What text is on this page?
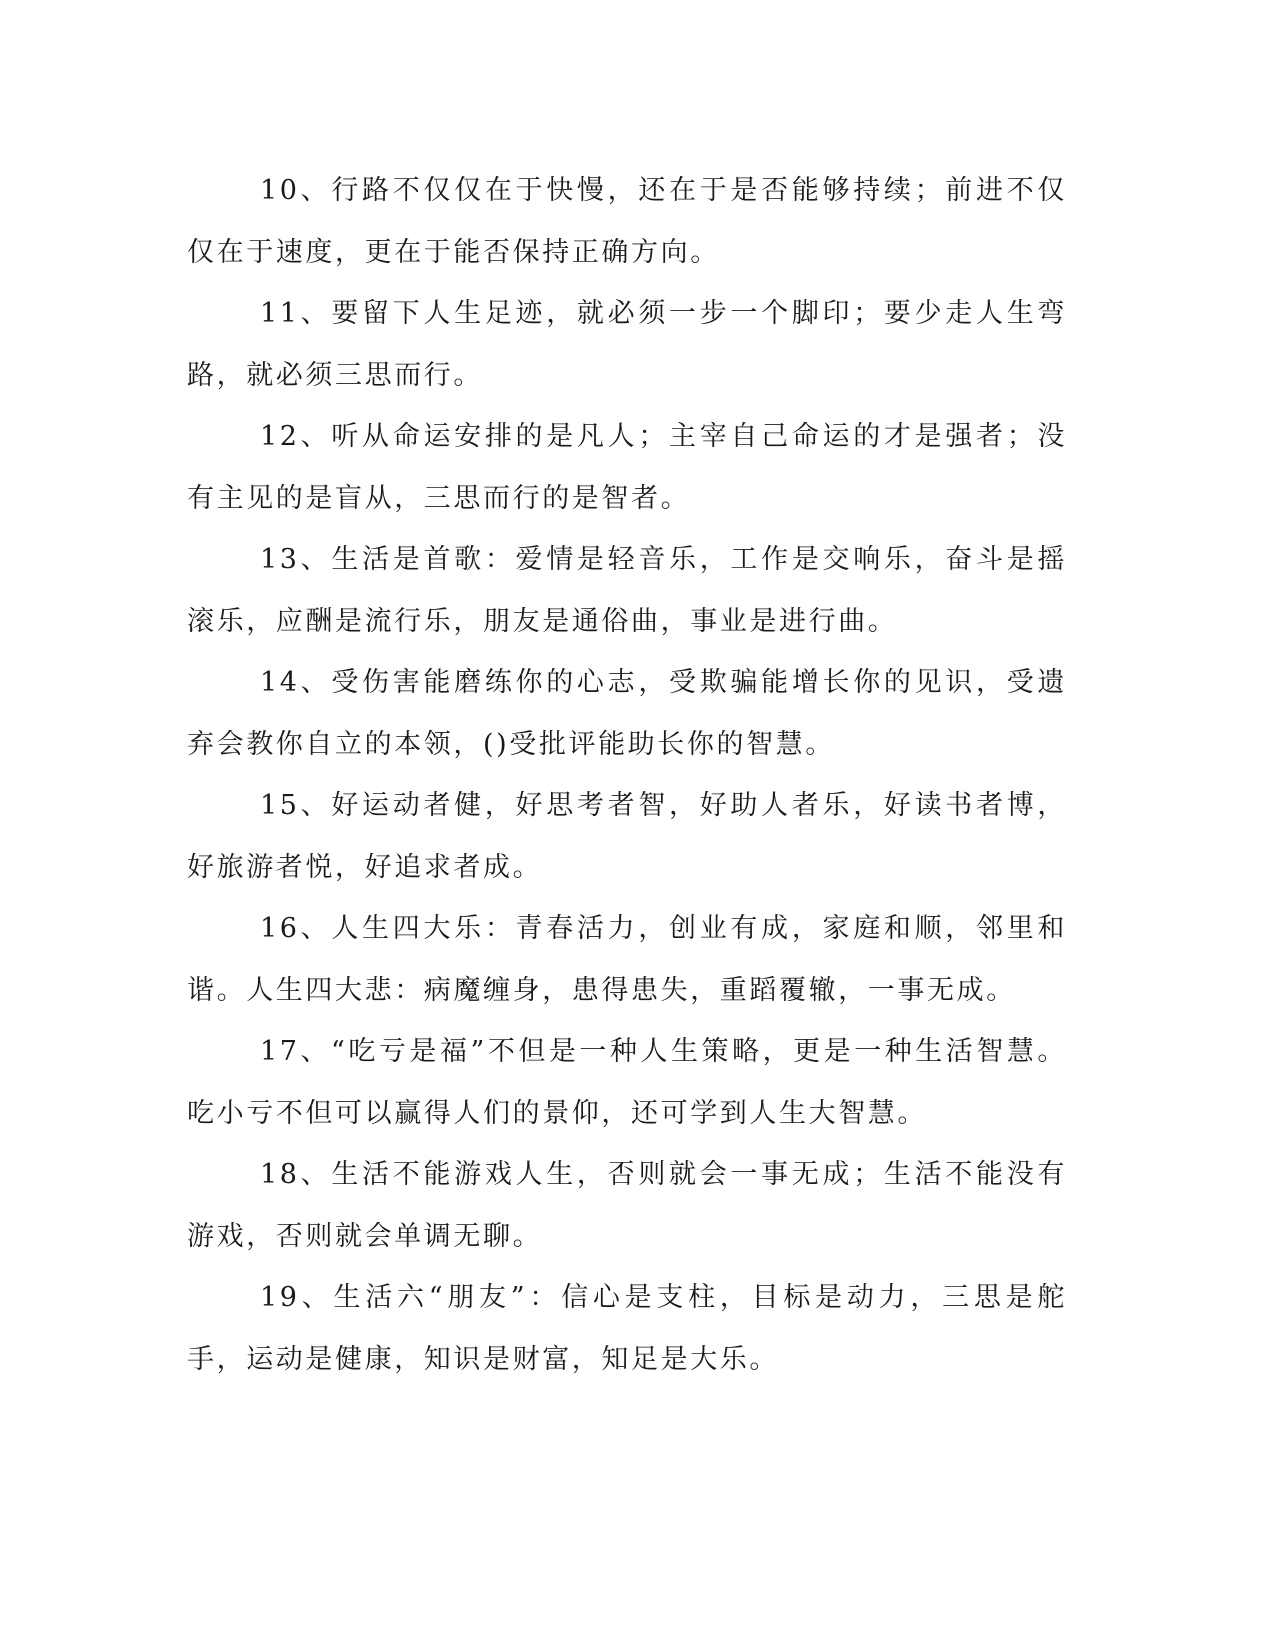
10、行路不仅仅在于快慢，还在于是否能够持续；前进不仅仅在于速度，更在于能否保持正确方向。

11、要留下人生足迹，就必须一步一个脚印；要少走人生弯路，就必须三思而行。

12、听从命运安排的是凡人；主宰自己命运的才是强者；没有主见的是盲从，三思而行的是智者。

13、生活是首歌：爱情是轻音乐，工作是交响乐，奋斗是摇滚乐，应酬是流行乐，朋友是通俗曲，事业是进行曲。

14、受伤害能磨练你的心志，受欺骗能增长你的见识，受遗弃会教你自立的本领，()受批评能助长你的智慧。

15、好运动者健，好思考者智，好助人者乐，好读书者博，好旅游者悦，好追求者成。

16、人生四大乐：青春活力，创业有成，家庭和顺，邻里和谐。人生四大悲：病魔缠身，患得患失，重蹈覆辙，一事无成。

17、“吃亏是福”不但是一种人生策略，更是一种生活智慧。吃小亏不但可以赢得人们的景仰，还可学到人生大智慧。

18、生活不能游戏人生，否则就会一事无成；生活不能没有游戏，否则就会单调无聊。

19、生活六“朋友”：信心是支柱，目标是动力，三思是舵手，运动是健康，知识是财富，知足是大乐。
